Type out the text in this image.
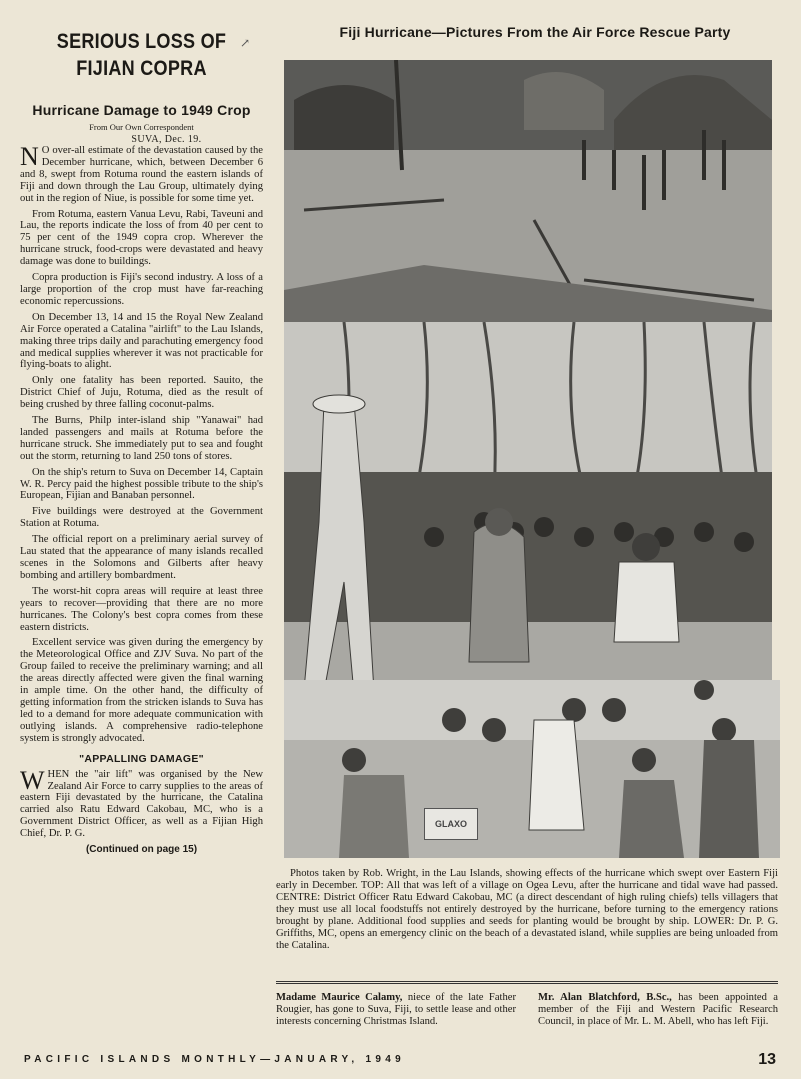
↗
SERIOUS LOSS OF FIJIAN COPRA
Hurricane Damage to 1949 Crop
From Our Own Correspondent
SUVA, Dec. 19.

N O over-all estimate of the devastation caused by the December hurricane, which, between December 6 and 8, swept from Rotuma round the eastern islands of Fiji and down through the Lau Group, ultimately dying out in the region of Niue, is possible for some time yet.

From Rotuma, eastern Vanua Levu, Rabi, Taveuni and Lau, the reports indicate the loss of from 40 per cent to 75 per cent of the 1949 copra crop. Wherever the hurricane struck, food-crops were devastated and heavy damage was done to buildings.

Copra production is Fiji's second industry. A loss of a large proportion of the crop must have far-reaching economic repercussions.

On December 13, 14 and 15 the Royal New Zealand Air Force operated a Catalina "airlift" to the Lau Islands, making three trips daily and parachuting emergency food and medical supplies wherever it was not practicable for flying-boats to alight.

Only one fatality has been reported. Sauito, the District Chief of Juju, Rotuma, died as the result of being crushed by three falling coconut-palms.

The Burns, Philp inter-island ship "Yanawai" had landed passengers and mails at Rotuma before the hurricane struck. She immediately put to sea and fought out the storm, returning to land 250 tons of stores.

On the ship's return to Suva on December 14, Captain W. R. Percy paid the highest possible tribute to the ship's European, Fijian and Banaban personnel.

Five buildings were destroyed at the Government Station at Rotuma.

The official report on a preliminary aerial survey of Lau stated that the appearance of many islands recalled scenes in the Solomons and Gilberts after heavy bombing and artillery bombardment.

The worst-hit copra areas will require at least three years to recover—providing that there are no more hurricanes. The Colony's best copra comes from these eastern districts.

Excellent service was given during the emergency by the Meteorological Office and ZJV Suva. No part of the Group failed to receive the preliminary warning; and all the areas directly affected were given the final warning in ample time. On the other hand, the difficulty of getting information from the stricken islands to Suva has led to a demand for more adequate communication with outlying islands. A comprehensive radio-telephone system is strongly advocated.

"APPALLING DAMAGE"

WHEN the "air lift" was organised by the New Zealand Air Force to carry supplies to the areas of eastern Fiji devastated by the hurricane, the Catalina carried also Ratu Edward Cakobau, MC, who is a Government District Officer, as well as a Fijian High Chief, Dr. P. G.

(Continued on page 15)
Fiji Hurricane—Pictures From the Air Force Rescue Party
GLAXO

Photos taken by Rob. Wright, in the Lau Islands, showing effects of the hurricane which swept over Eastern Fiji early in December. TOP: All that was left of a village on Ogea Levu, after the hurricane and tidal wave had passed. CENTRE: District Officer Ratu Edward Cakobau, MC (a direct descendant of high ruling chiefs) tells villagers that they must use all local foodstuffs not entirely destroyed by the hurricane, before turning to the emergency rations brought by plane. Additional food supplies and seeds for planting would be brought by ship. LOWER: Dr. P. G. Griffiths, MC, opens an emergency clinic on the beach of a devastated island, while supplies are being unloaded from the Catalina.

Madame Maurice Calamy, niece of the late Father Rougier, has gone to Suva, Fiji, to settle lease and other interests concerning Christmas Island.

Mr. Alan Blatchford, B.Sc., has been appointed a member of the Fiji and Western Pacific Research Council, in place of Mr. L. M. Abell, who has left Fiji.

PACIFIC ISLANDS MONTHLY—JANUARY, 1949	13
